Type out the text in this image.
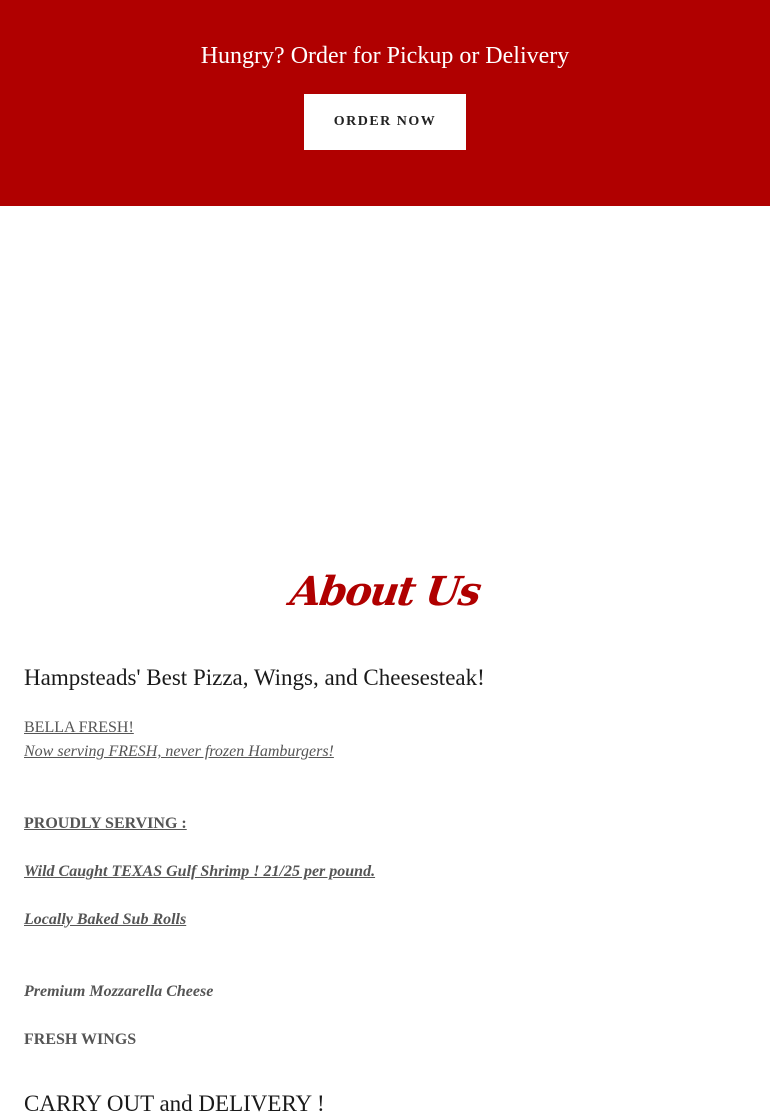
Hungry? Order for Pickup or Delivery
ORDER NOW
About Us
Hampsteads' Best Pizza, Wings, and Cheesesteak!
BELLA FRESH!
Now serving FRESH, never frozen Hamburgers!
PROUDLY SERVING :
Wild Caught TEXAS Gulf Shrimp ! 21/25 per pound.
Locally Baked Sub Rolls
Premium Mozzarella Cheese
FRESH WINGS
CARRY OUT and DELIVERY !
